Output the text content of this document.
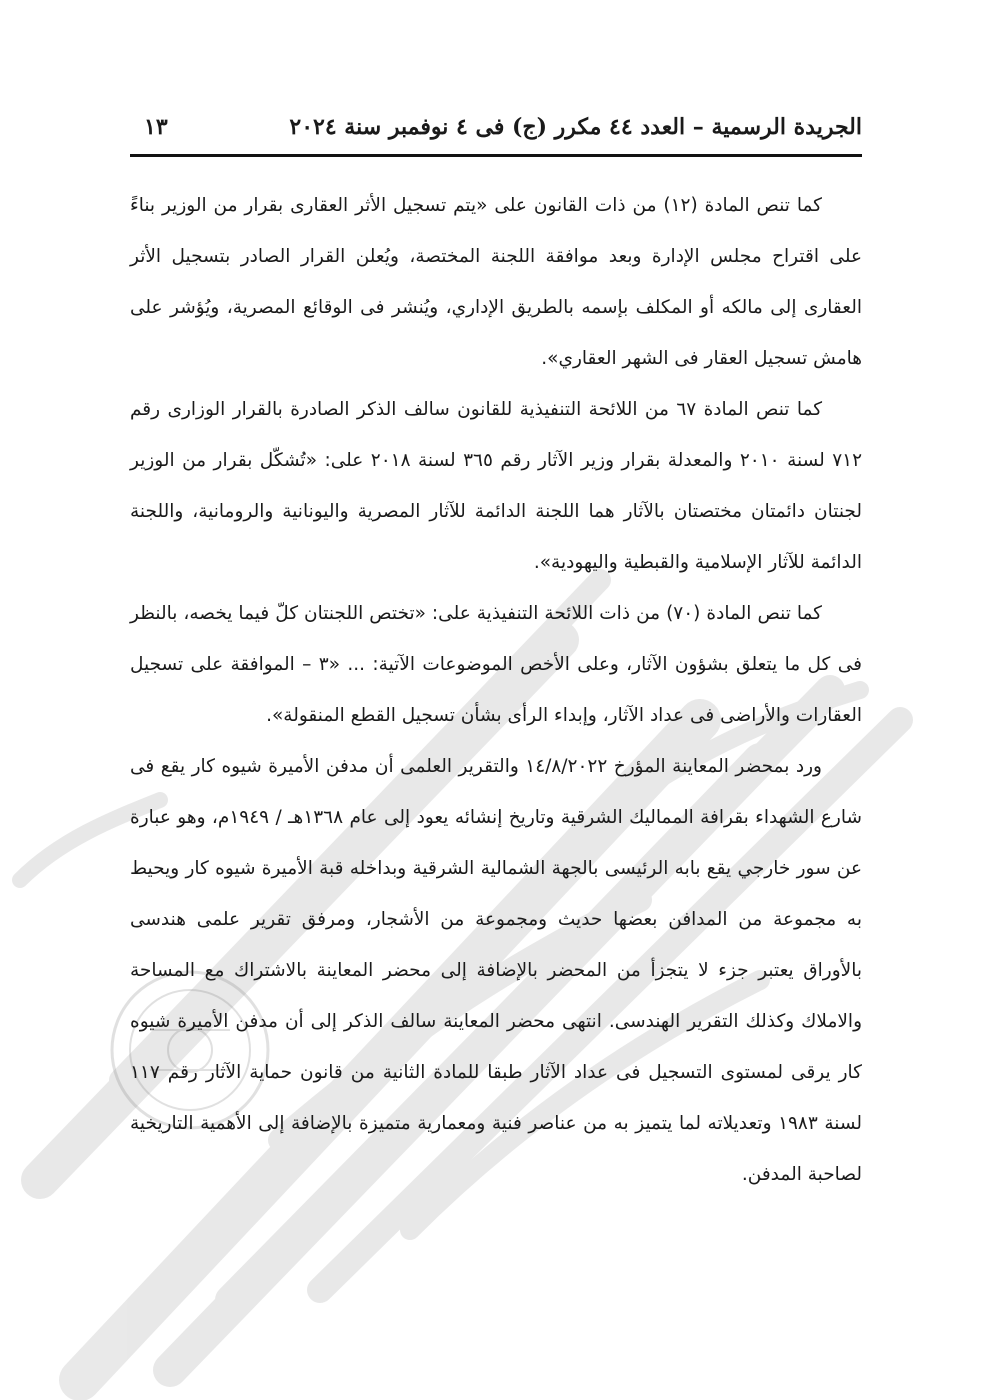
الجريدة الرسمية – العدد ٤٤ مكرر (ج) فى ٤ نوفمبر سنة ٢٠٢٤
١٣

كما تنص المادة (١٢) من ذات القانون على «يتم تسجيل الأثر العقارى بقرار من الوزير بناءً على اقتراح مجلس الإدارة وبعد موافقة اللجنة المختصة، ويُعلن القرار الصادر بتسجيل الأثر العقارى إلى مالكه أو المكلف بإسمه بالطريق الإداري، ويُنشر فى الوقائع المصرية، ويُؤشر على هامش تسجيل العقار فى الشهر العقاري».

كما تنص المادة ٦٧ من اللائحة التنفيذية للقانون سالف الذكر الصادرة بالقرار الوزارى رقم ٧١٢ لسنة ٢٠١٠ والمعدلة بقرار وزير الآثار رقم ٣٦٥ لسنة ٢٠١٨ على: «تُشكّل بقرار من الوزير لجنتان دائمتان مختصتان بالآثار هما اللجنة الدائمة للآثار المصرية واليونانية والرومانية، واللجنة الدائمة للآثار الإسلامية والقبطية واليهودية».

كما تنص المادة (٧٠) من ذات اللائحة التنفيذية على: «تختص اللجنتان كلّ فيما يخصه، بالنظر فى كل ما يتعلق بشؤون الآثار، وعلى الأخص الموضوعات الآتية: ... «٣ – الموافقة على تسجيل العقارات والأراضى فى عداد الآثار، وإبداء الرأى بشأن تسجيل القطع المنقولة».

ورد بمحضر المعاينة المؤرخ ١٤/٨/٢٠٢٢ والتقرير العلمى أن مدفن الأميرة شيوه كار يقع فى شارع الشهداء بقرافة المماليك الشرقية وتاريخ إنشائه يعود إلى عام ١٣٦٨هـ / ١٩٤٩م، وهو عبارة عن سور خارجي يقع بابه الرئيسى بالجهة الشمالية الشرقية وبداخله قبة الأميرة شيوه كار ويحيط به مجموعة من المدافن بعضها حديث ومجموعة من الأشجار، ومرفق تقرير علمى هندسى بالأوراق يعتبر جزء لا يتجزأ من المحضر بالإضافة إلى محضر المعاينة بالاشتراك مع المساحة والاملاك وكذلك التقرير الهندسى. انتهى محضر المعاينة سالف الذكر إلى أن مدفن الأميرة شيوه كار يرقى لمستوى التسجيل فى عداد الآثار طبقا للمادة الثانية من قانون حماية الآثار رقم ١١٧ لسنة ١٩٨٣ وتعديلاته لما يتميز به من عناصر فنية ومعمارية متميزة بالإضافة إلى الأهمية التاريخية لصاحبة المدفن.
